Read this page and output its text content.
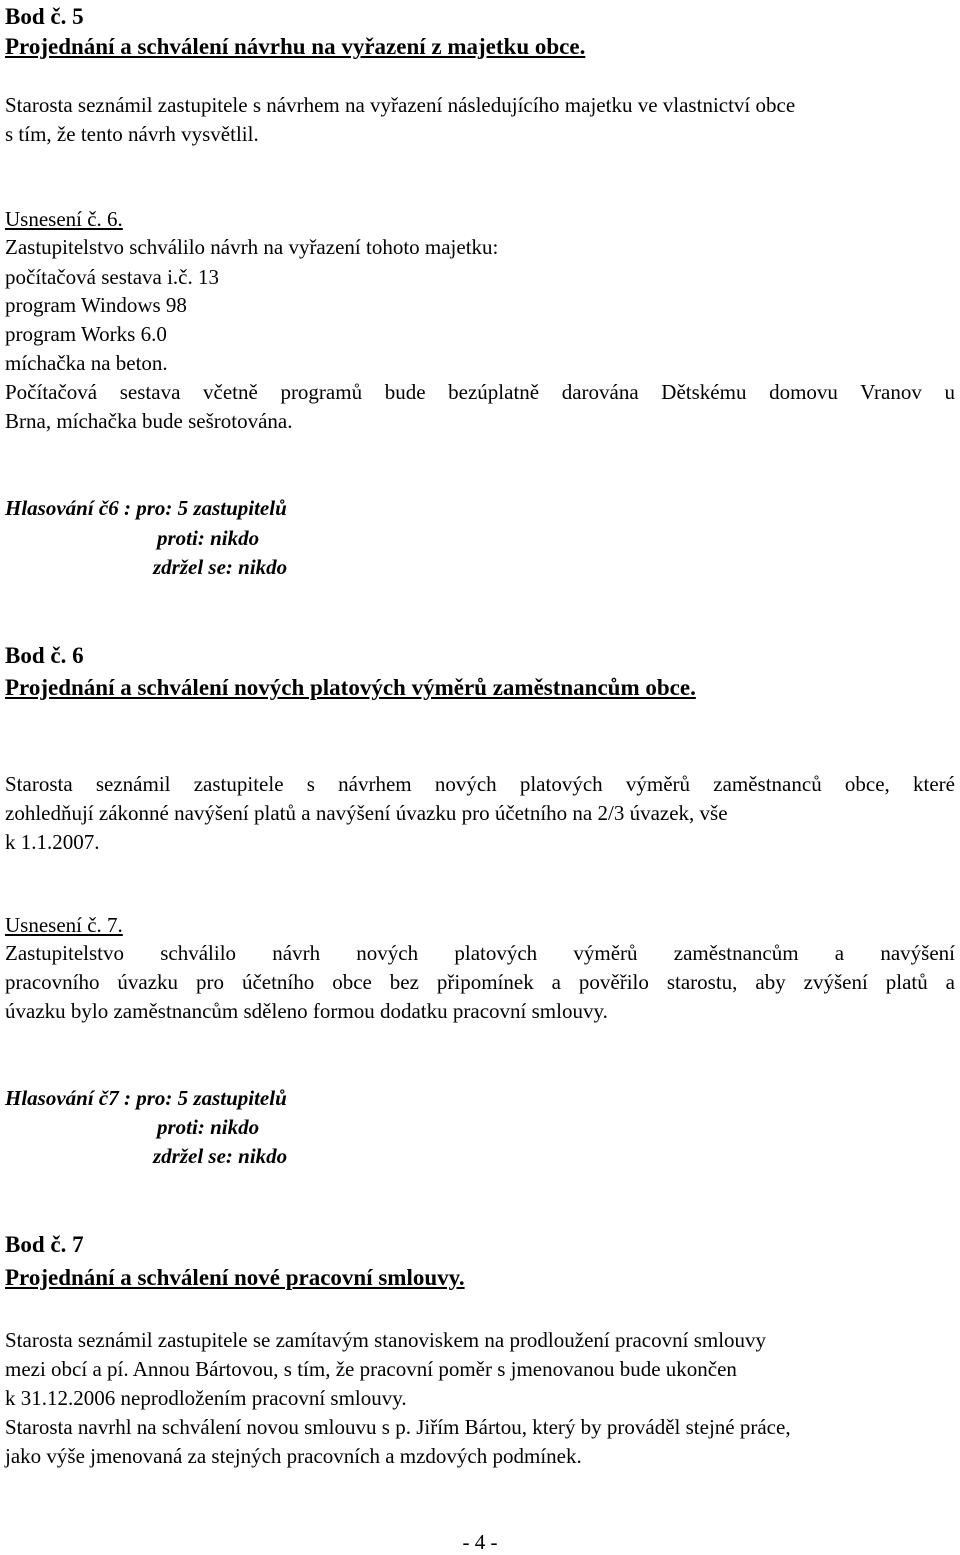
Bod č. 5
Projednání a schválení návrhu na vyřazení z majetku obce.
Starosta seznámil zastupitele s návrhem na vyřazení následujícího majetku ve vlastnictví obce
s tím, že tento návrh vysvětlil.
Usnesení č. 6.
Zastupitelstvo schválilo návrh na vyřazení tohoto majetku:
počítačová sestava i.č. 13
program Windows 98
program Works 6.0
míchačka na beton.
Počítačová sestava včetně programů bude bezúplatně darována Dětskému domovu Vranov u
Brna, míchačka bude sešrotována.
Hlasování č6 : pro: 5 zastupitelů
proti: nikdo
zdržel se: nikdo
Bod č. 6
Projednání a schválení nových platových výměrů zaměstnancům obce.
Starosta seznámil zastupitele s návrhem nových platových výměrů zaměstnanců obce, které
zohledňují zákonné navýšení platů a navýšení úvazku pro účetního na 2/3 úvazek, vše
k 1.1.2007.
Usnesení č. 7.
Zastupitelstvo schválilo návrh nových platových výměrů zaměstnancům a navýšení
pracovního úvazku pro účetního obce bez připomínek a pověřilo starostu, aby zvýšení platů a
úvazku bylo zaměstnancům sděleno formou dodatku pracovní smlouvy.
Hlasování č7 : pro: 5 zastupitelů
proti: nikdo
zdržel se: nikdo
Bod č. 7
Projednání a schválení nové pracovní smlouvy.
Starosta seznámil zastupitele se zamítavým stanoviskem na prodloužení pracovní smlouvy
mezi obcí a pí. Annou Bártovou, s tím, že pracovní poměr s jmenovanou bude ukončen
k 31.12.2006 neprodložením pracovní smlouvy.
Starosta navrhl na schválení novou smlouvu s p. Jiřím Bártou, který by prováděl stejné práce,
jako výše jmenovaná za stejných pracovních a mzdových podmínek.
- 4 -
